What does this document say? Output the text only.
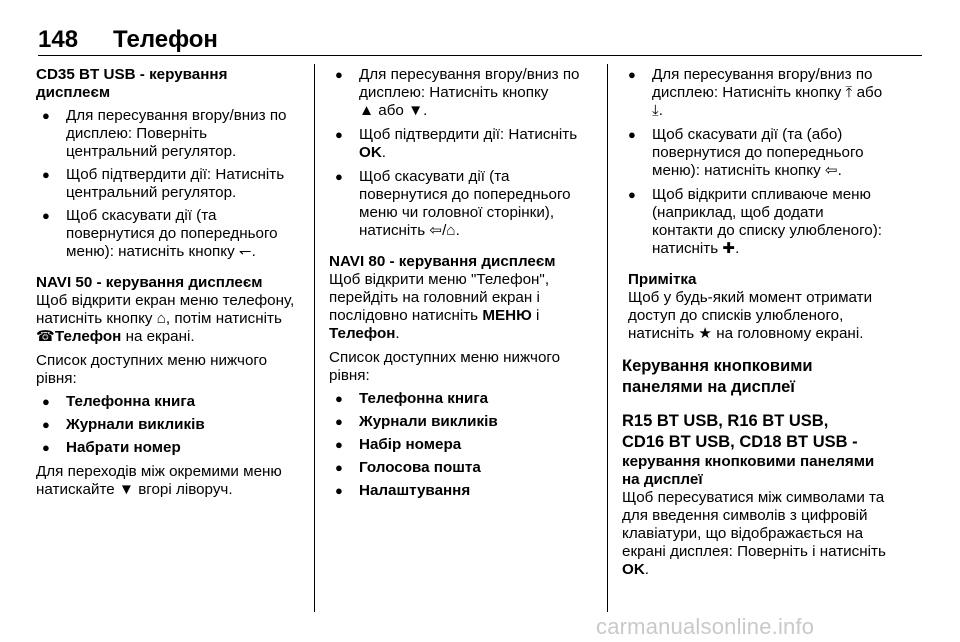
148 Телефон

CD35 BT USB - керування дисплеєм

● Для пересування вгору/вниз по дисплею: Поверніть центральний регулятор.
● Щоб підтвердити дії: Натисніть центральний регулятор.
● Щоб скасувати дії (та повернутися до попереднього меню): натисніть кнопку ↽.

NAVI 50 - керування дисплеєм

Щоб відкрити екран меню телефону, натисніть кнопку ⌂, потім натисніть ☎Телефон на екрані.

Список доступних меню нижчого рівня:

● Телефонна книга
● Журнали викликів
● Набрати номер

Для переходів між окремими меню натискайте ▼ вгорі ліворуч.

● Для пересування вгору/вниз по дисплею: Натисніть кнопку
▲ або ▼.
● Щоб підтвердити дії: Натисніть OK.
● Щоб скасувати дії (та повернутися до попереднього меню чи головної сторінки), натисніть ⇦/⌂.

NAVI 80 - керування дисплеєм

Щоб відкрити меню "Телефон", перейдіть на головний екран і послідовно натисніть МЕНЮ і Телефон.

Список доступних меню нижчого рівня:

● Телефонна книга
● Журнали викликів
● Набір номера
● Голосова пошта
● Налаштування
● Для пересування вгору/вниз по дисплею: Натисніть кнопку ⤒ або ⤓.
● Щоб скасувати дії (та (або) повернутися до попереднього меню): натисніть кнопку ⇦.
● Щоб відкрити спливаюче меню (наприклад, щоб додати контакти до списку улюбленого): натисніть ✚.

Примітка

Щоб у будь-який момент отримати доступ до списків улюбленого, натисніть ★ на головному екрані.

Керування кнопковими панелями на дисплеї

R15 BT USB, R16 BT USB,
CD16 BT USB, CD18 BT USB -

керування кнопковими панелями на дисплеї

Щоб пересуватися між символами та для введення символів з цифровій клавіатури, що відображається на екрані дисплея: Поверніть і натисніть OK.

carmanualsonline.info
